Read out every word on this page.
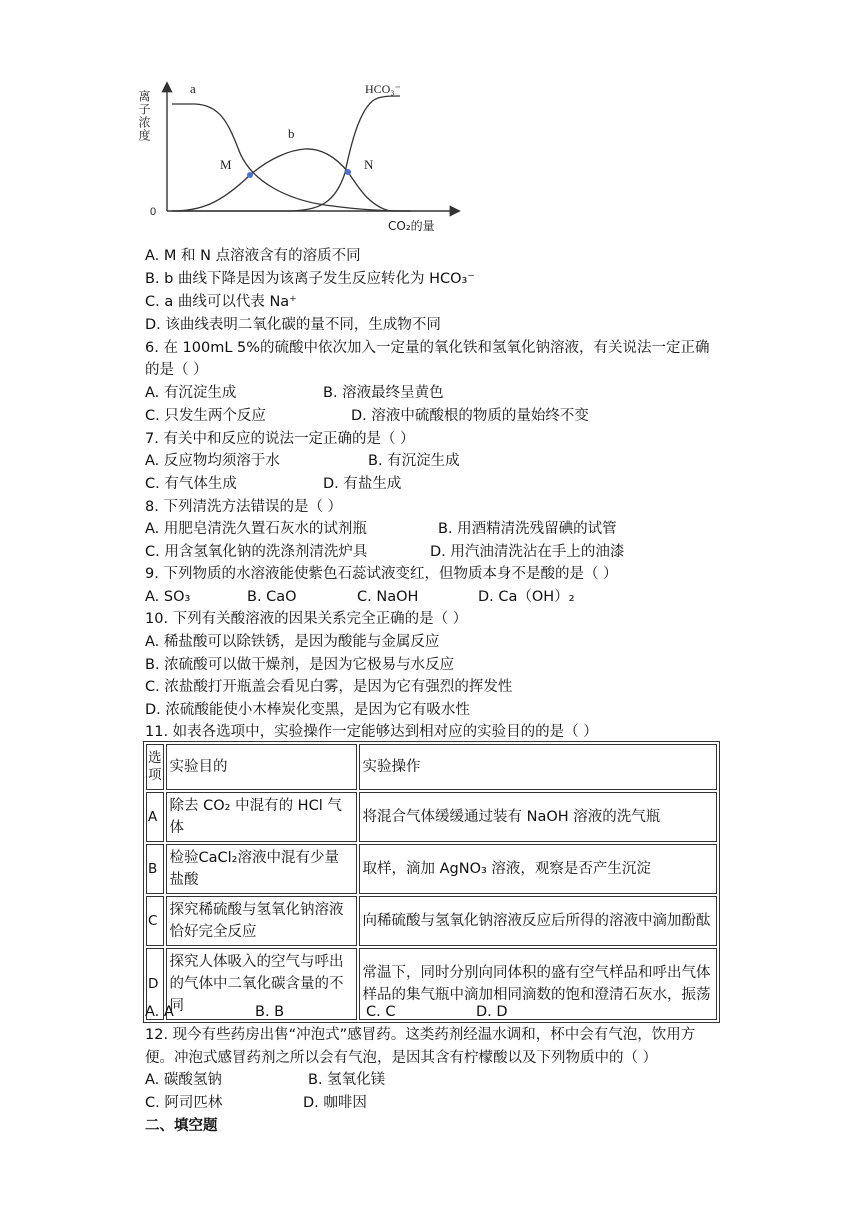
a
b
HCO₃⁻
M	N
0
CO₂的量
离子浓度
A. M 和 N 点溶液含有的溶质不同
B. b 曲线下降是因为该离子发生反应转化为 HCO₃⁻
C. a 曲线可以代表 Na⁺
D. 该曲线表明二氧化碳的量不同，生成物不同
6. 在 100mL 5%的硫酸中依次加入一定量的氧化铁和氢氧化钠溶液，有关说法一定正确
的是（ ）
A. 有沉淀生成	B. 溶液最终呈黄色
C. 只发生两个反应	D. 溶液中硫酸根的物质的量始终不变
7. 有关中和反应的说法一定正确的是（ ）
A. 反应物均须溶于水	B. 有沉淀生成
C. 有气体生成	D. 有盐生成
8. 下列清洗方法错误的是（ ）
A. 用肥皂清洗久置石灰水的试剂瓶	B. 用酒精清洗残留碘的试管
C. 用含氢氧化钠的洗涤剂清洗炉具	D. 用汽油清洗沾在手上的油漆
9. 下列物质的水溶液能使紫色石蕊试液变红，但物质本身不是酸的是（ ）
A. SO₃	B. CaO	C. NaOH	D. Ca（OH）₂
10. 下列有关酸溶液的因果关系完全正确的是（ ）
A. 稀盐酸可以除铁锈，是因为酸能与金属反应
B. 浓硫酸可以做干燥剂，是因为它极易与水反应
C. 浓盐酸打开瓶盖会看见白雾，是因为它有强烈的挥发性
D. 浓硫酸能使小木棒炭化变黑，是因为它有吸水性
11. 如表各选项中，实验操作一定能够达到相对应的实验目的的是（ ）
选项	实验目的	实验操作
A	除去 CO₂ 中混有的 HCl 气体	将混合气体缓缓通过装有 NaOH 溶液的洗气瓶
B	检验CaCl₂溶液中混有少量盐酸	取样，滴加 AgNO₃ 溶液，观察是否产生沉淀
C	探究稀硫酸与氢氧化钠溶液恰好完全反应	向稀硫酸与氢氧化钠溶液反应后所得的溶液中滴加酚酞
D	探究人体吸入的空气与呼出的气体中二氧化碳含量的不同	常温下，同时分别向同体积的盛有空气样品和呼出气体样品的集气瓶中滴加相同滴数的饱和澄清石灰水，振荡
A. A	B. B	C. C	D. D
12. 现今有些药房出售“冲泡式”感冒药。这类药剂经温水调和，杯中会有气泡，饮用方
便。冲泡式感冒药剂之所以会有气泡，是因其含有柠檬酸以及下列物质中的（ ）
A. 碳酸氢钠	B. 氢氧化镁
C. 阿司匹林	D. 咖啡因
二、填空题
